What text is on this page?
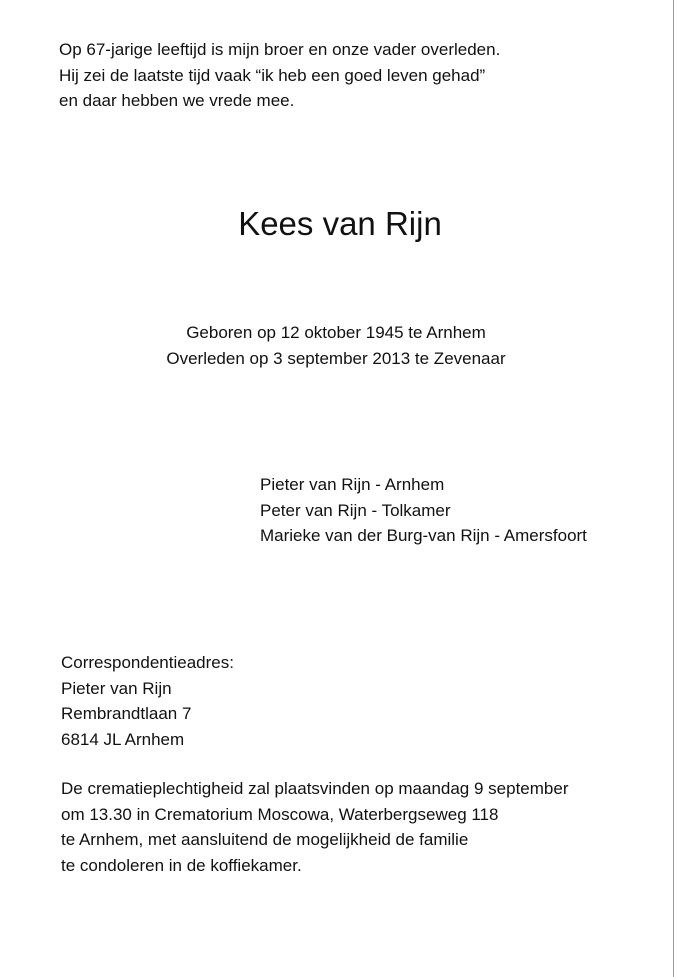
Op 67-jarige leeftijd is mijn broer en onze vader overleden.
Hij zei de laatste tijd vaak “ik heb een goed leven gehad”
en daar hebben we vrede mee.
Kees van Rijn
Geboren op 12 oktober 1945 te Arnhem
Overleden op 3 september 2013 te Zevenaar
Pieter van Rijn - Arnhem
Peter van Rijn - Tolkamer
Marieke van der Burg-van Rijn - Amersfoort
Correspondentieadres:
Pieter van Rijn
Rembrandtlaan 7
6814 JL Arnhem
De crematieplechtigheid zal plaatsvinden op maandag 9 september
om 13.30 in Crematorium Moscowa, Waterbergseweg 118
te Arnhem, met aansluitend de mogelijkheid de familie
te condoleren in de koffiekamer.
